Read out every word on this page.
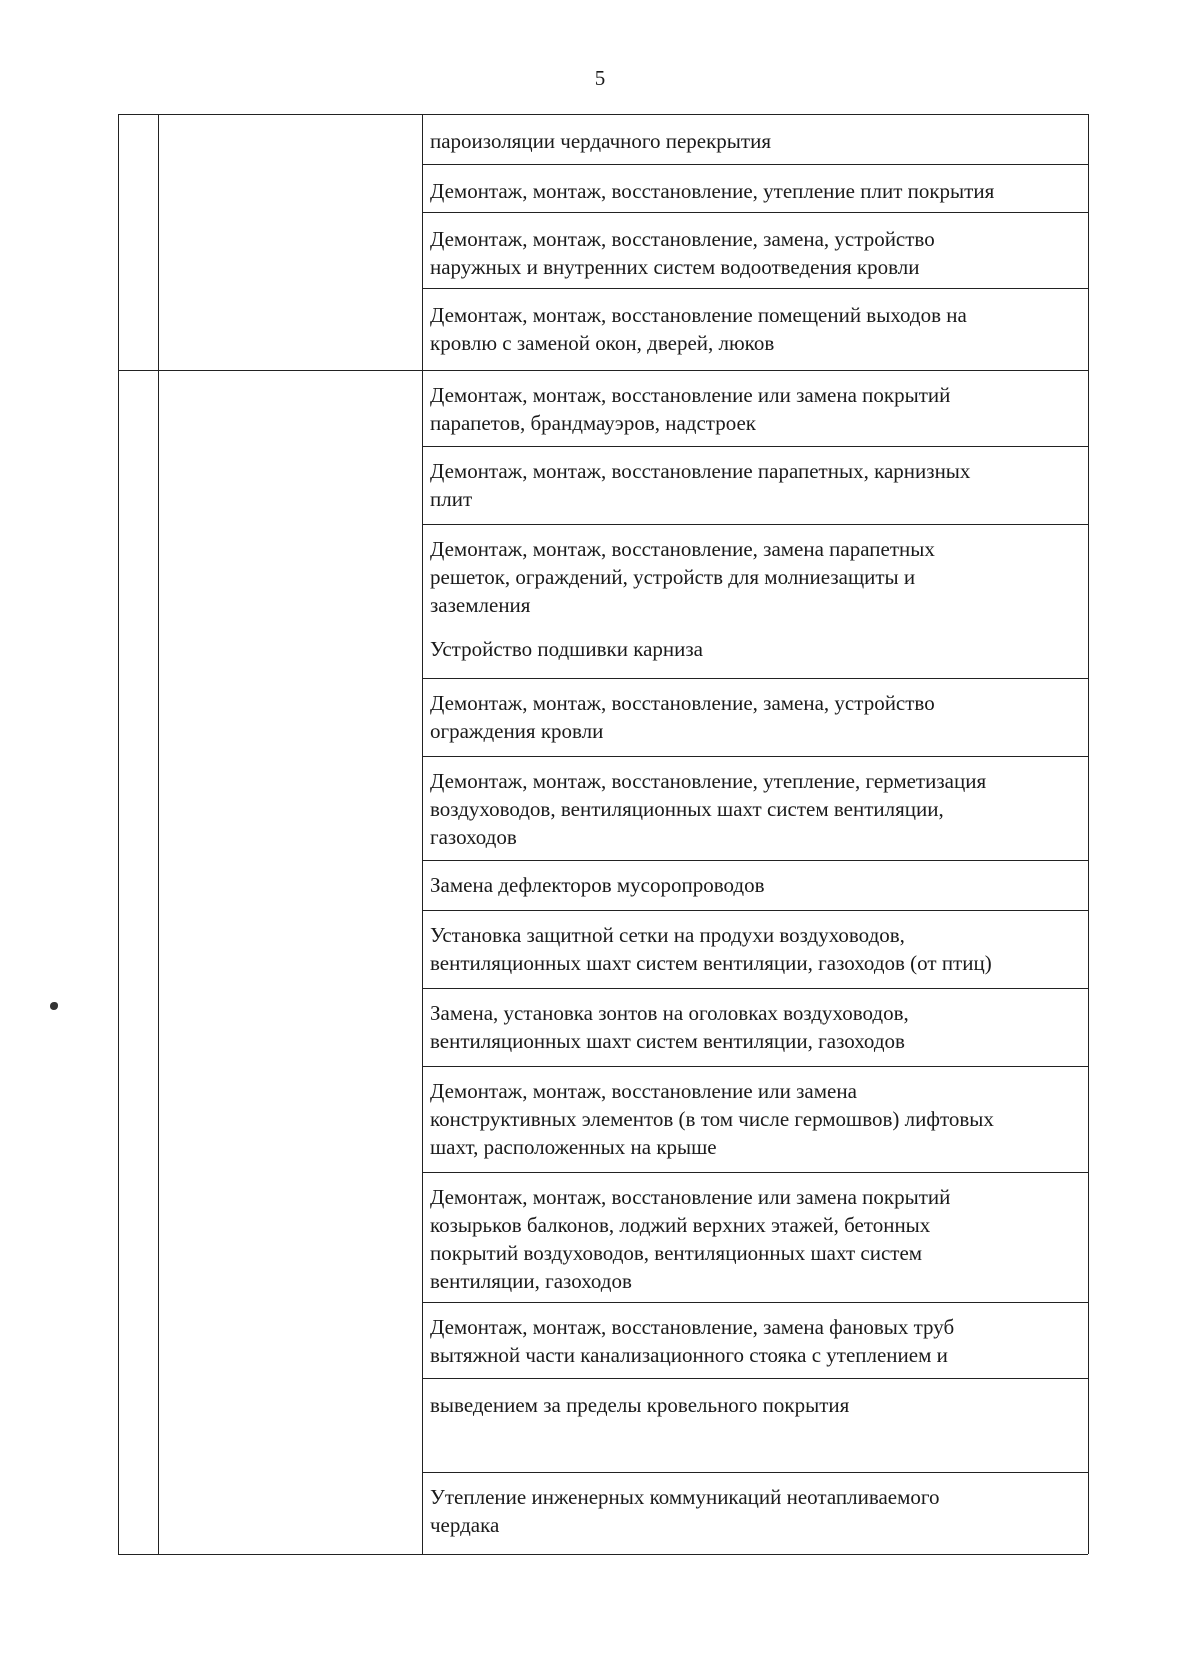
5
пароизоляции чердачного перекрытия
Демонтаж, монтаж, восстановление, утепление плит покрытия
Демонтаж, монтаж, восстановление, замена, устройство
наружных и внутренних систем водоотведения кровли
Демонтаж, монтаж, восстановление помещений выходов на
кровлю с заменой окон, дверей, люков
Демонтаж, монтаж, восстановление или замена покрытий
парапетов, брандмауэров, надстроек
Демонтаж, монтаж, восстановление парапетных, карнизных
плит
Демонтаж, монтаж, восстановление, замена парапетных
решеток, ограждений, устройств для молниезащиты и
заземления
Устройство подшивки карниза
Демонтаж, монтаж, восстановление, замена, устройство
ограждения кровли
Демонтаж, монтаж, восстановление, утепление, герметизация
воздуховодов, вентиляционных шахт систем вентиляции,
газоходов
Замена дефлекторов мусоропроводов
Установка защитной сетки на продухи воздуховодов,
вентиляционных шахт систем вентиляции, газоходов (от птиц)
Замена, установка зонтов на оголовках воздуховодов,
вентиляционных шахт систем вентиляции, газоходов
Демонтаж, монтаж, восстановление или замена
конструктивных элементов (в том числе гермошвов) лифтовых
шахт, расположенных на крыше
Демонтаж, монтаж, восстановление или замена покрытий
козырьков балконов, лоджий верхних этажей, бетонных
покрытий воздуховодов, вентиляционных шахт систем
вентиляции, газоходов
Демонтаж, монтаж, восстановление, замена фановых труб
вытяжной части канализационного стояка с утеплением и
выведением за пределы кровельного покрытия
Утепление инженерных коммуникаций неотапливаемого
чердака
